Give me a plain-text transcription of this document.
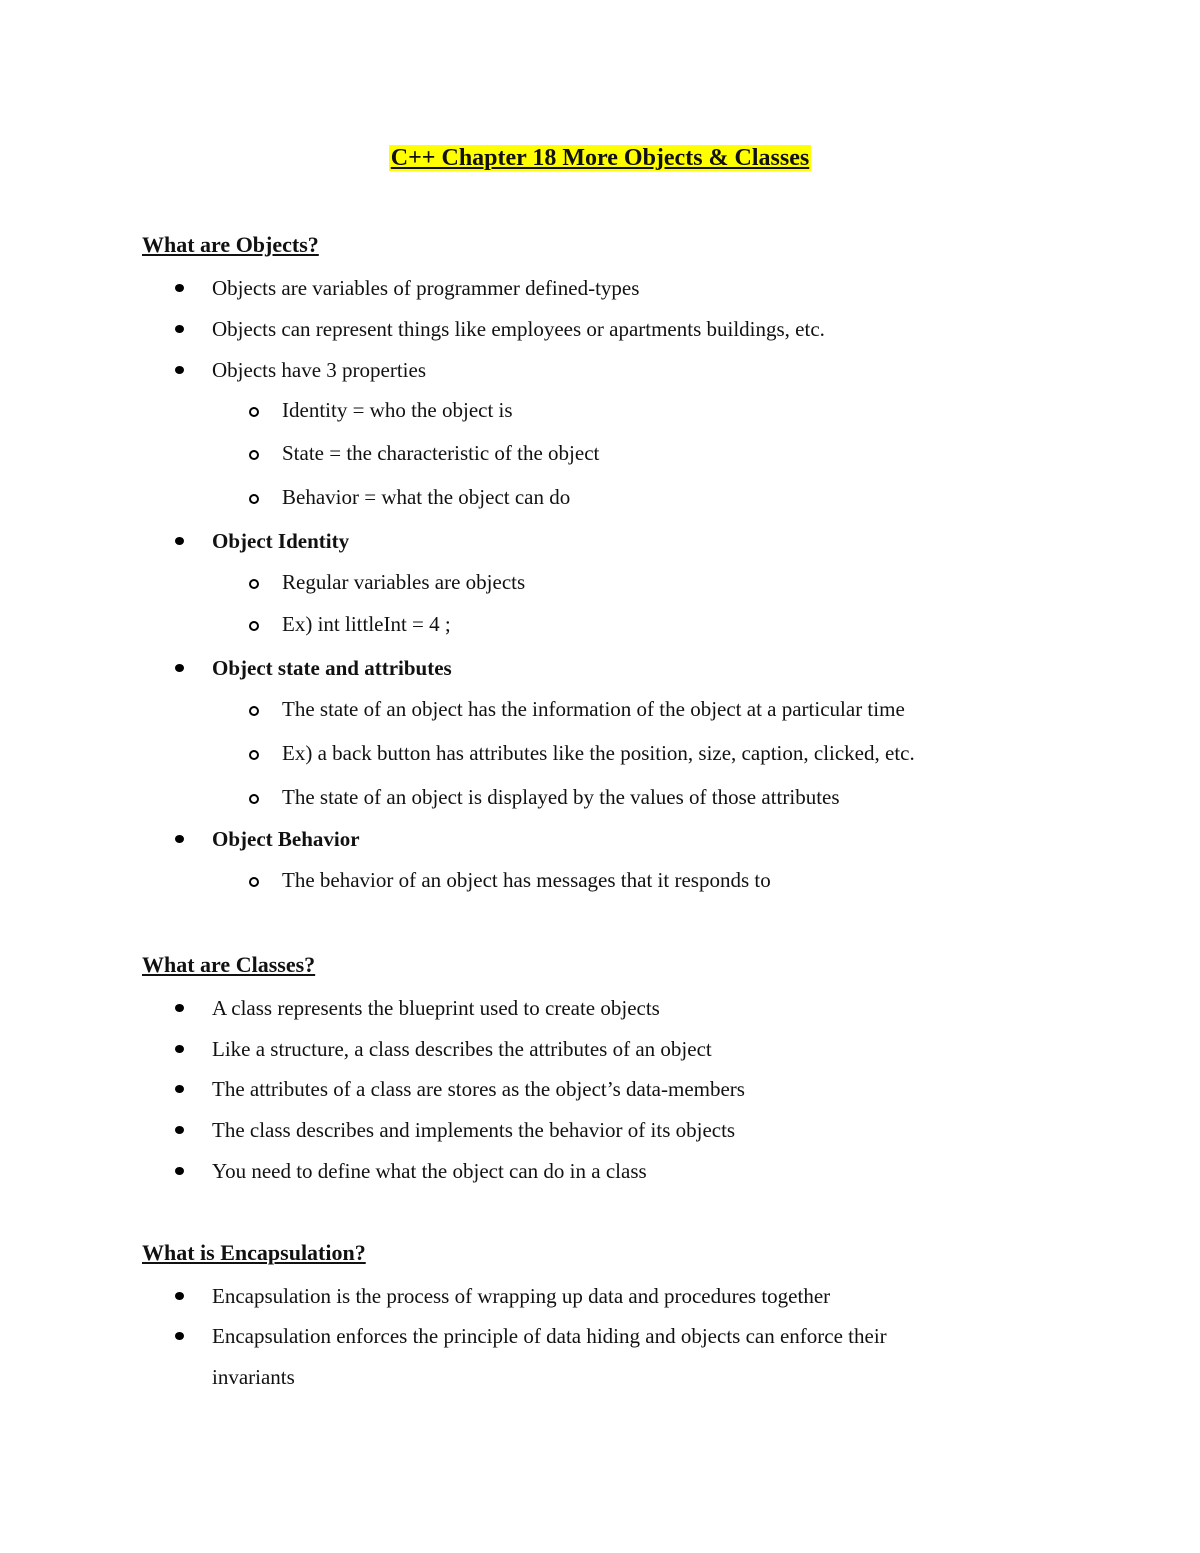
C++ Chapter 18 More Objects & Classes
What are Objects?
Objects are variables of programmer defined-types
Objects can represent things like employees or apartments buildings, etc.
Objects have 3 properties
Identity = who the object is
State = the characteristic of the object
Behavior = what the object can do
Object Identity
Regular variables are objects
Ex) int littleInt = 4 ;
Object state and attributes
The state of an object has the information of the object at a particular time
Ex) a back button has attributes like the position, size, caption, clicked, etc.
The state of an object is displayed by the values of those attributes
Object Behavior
The behavior of an object has messages that it responds to
What are Classes?
A class represents the blueprint used to create objects
Like a structure, a class describes the attributes of an object
The attributes of a class are stores as the object’s data-members
The class describes and implements the behavior of its objects
You need to define what the object can do in a class
What is Encapsulation?
Encapsulation is the process of wrapping up data and procedures together
Encapsulation enforces the principle of data hiding and objects can enforce their
invariants
